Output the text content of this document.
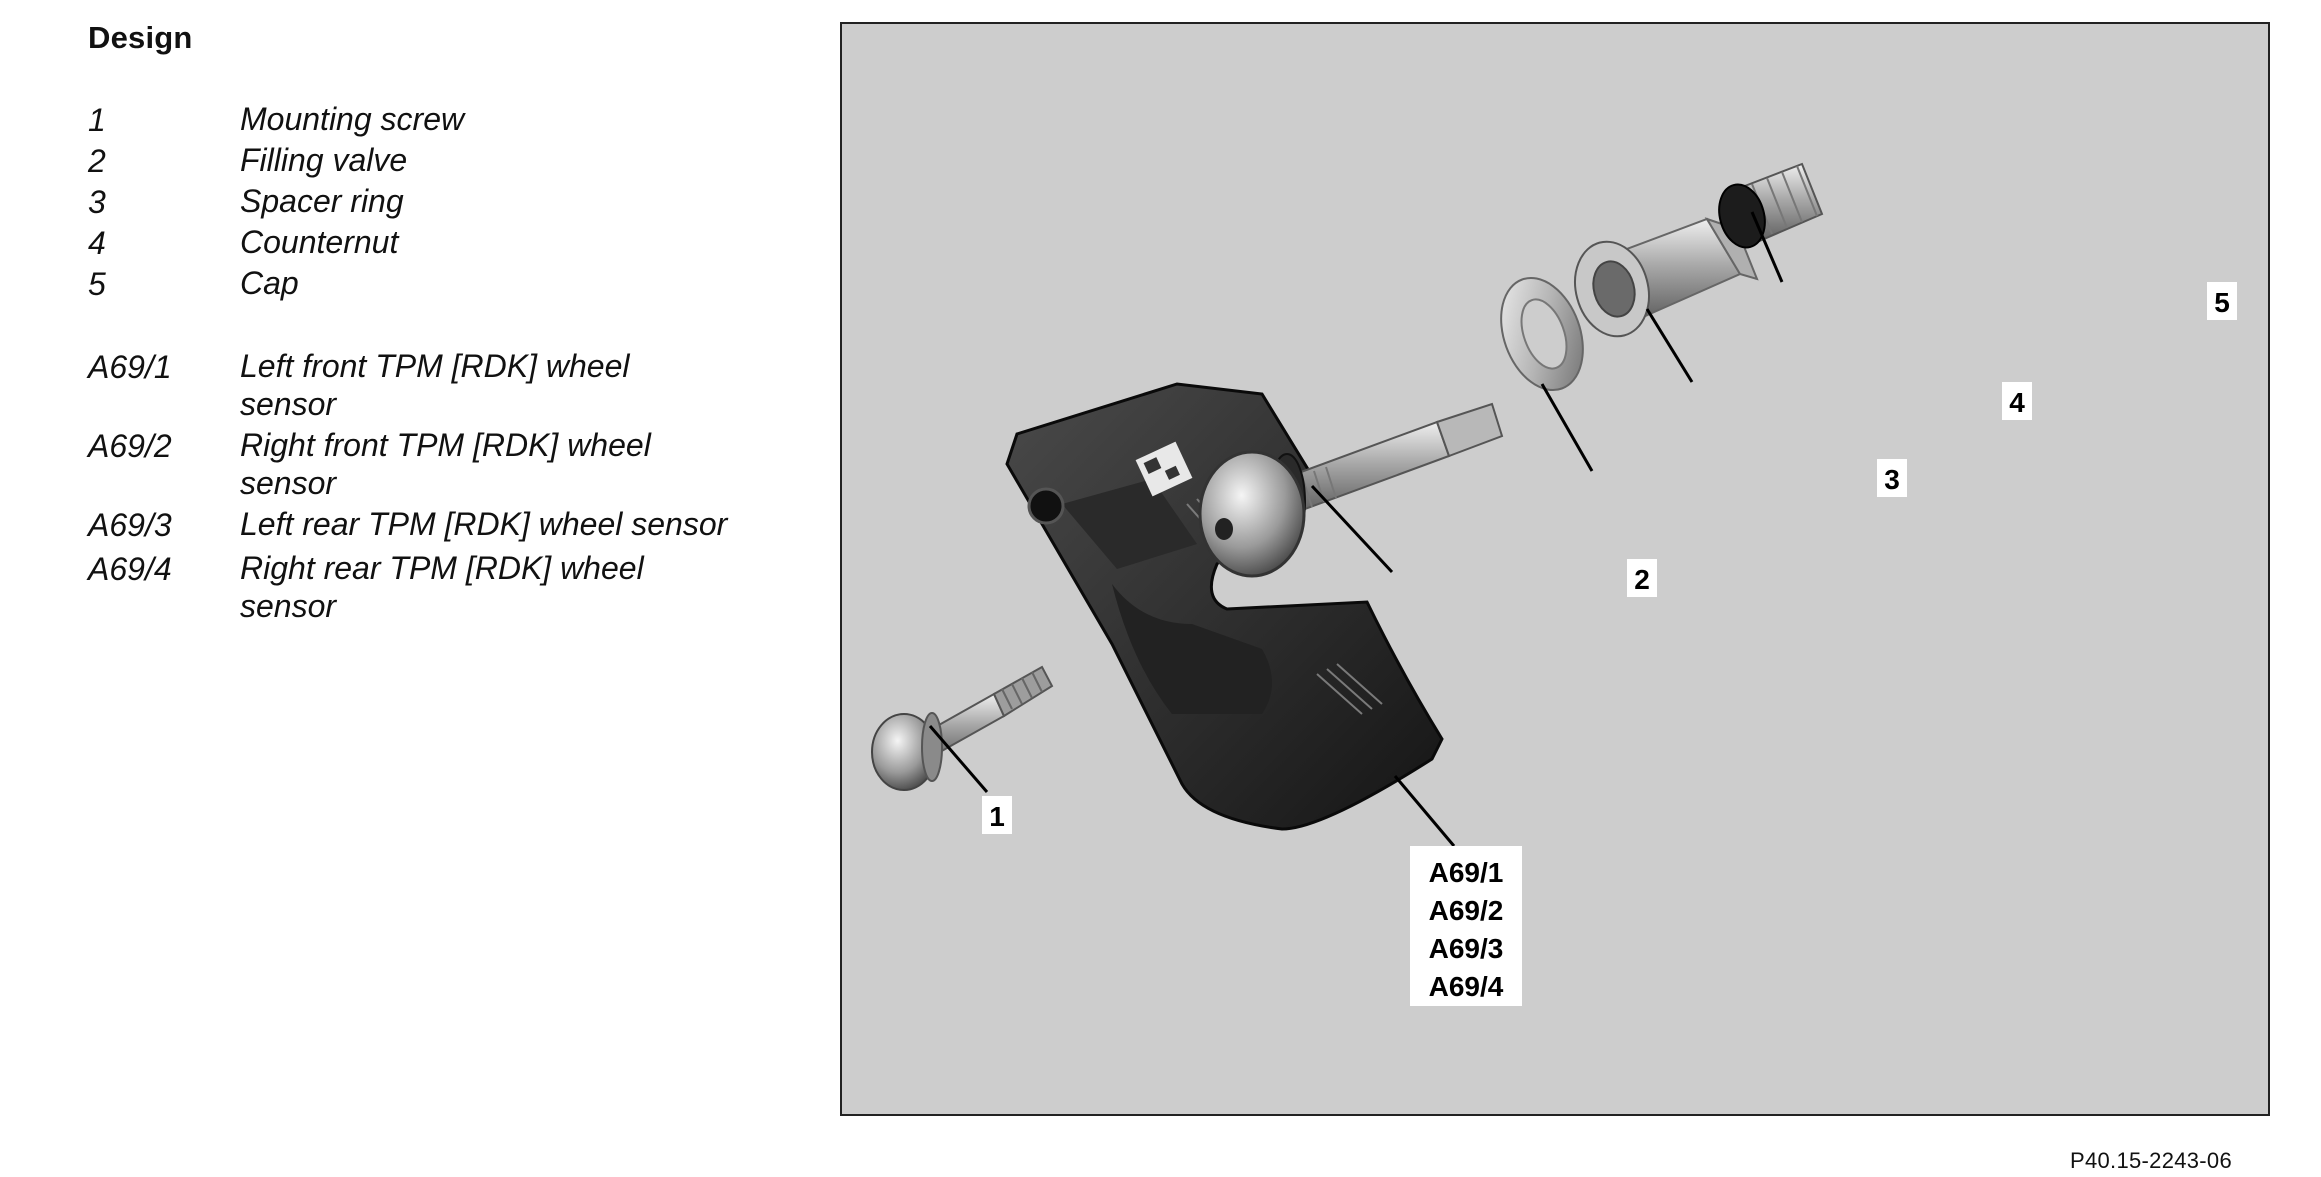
Design
1	Mounting screw
2	Filling valve
3	Spacer ring
4	Counternut
5	Cap
A69/1	Left front TPM [RDK] wheel sensor
A69/2	Right front TPM [RDK] wheel sensor
A69/3	Left rear TPM [RDK] wheel sensor
A69/4	Right rear TPM [RDK] wheel sensor
1
2
3
4
5
A69/1
A69/2
A69/3
A69/4
P40.15-2243-06
